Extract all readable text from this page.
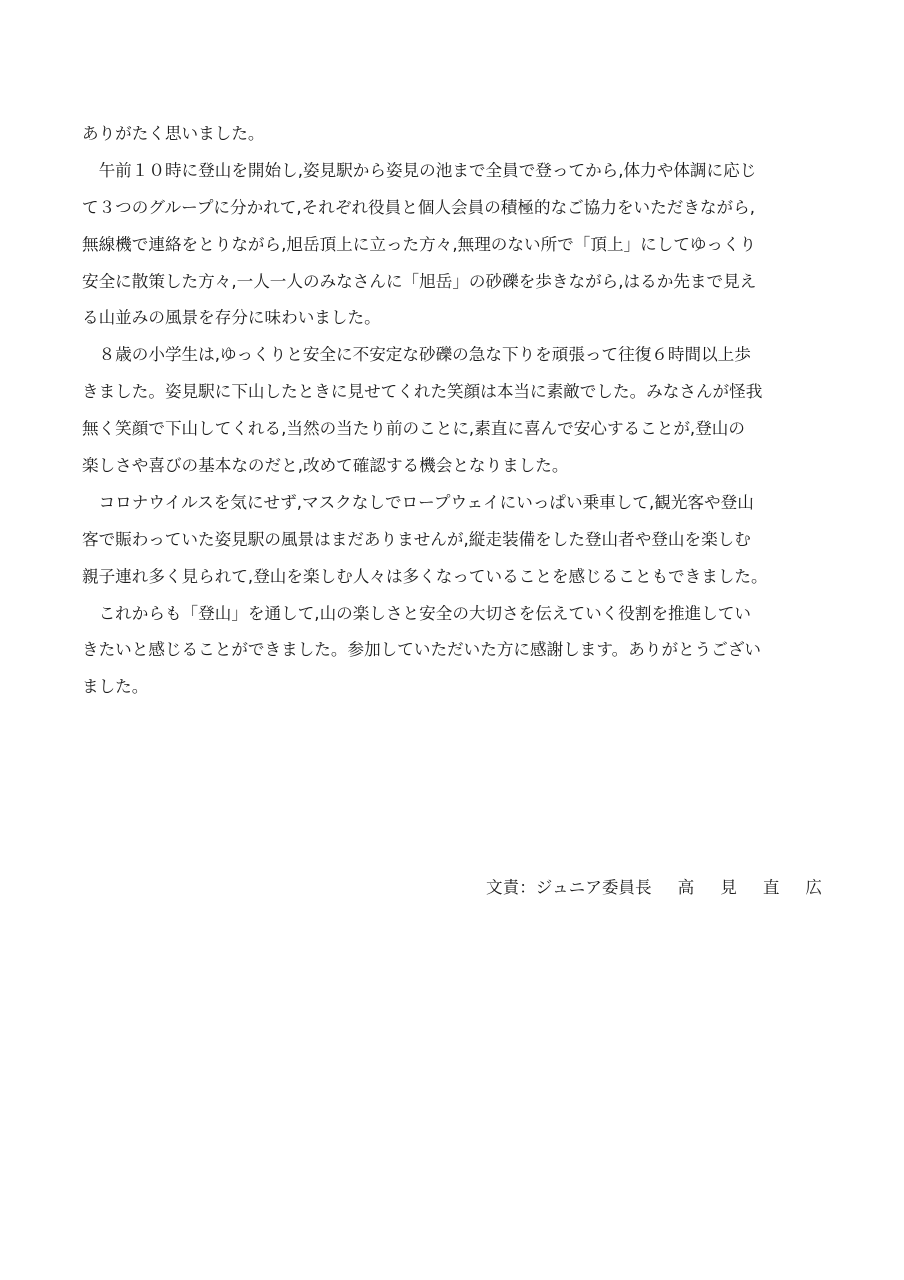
ありがたく思いました。
　午前１０時に登山を開始し,姿見駅から姿見の池まで全員で登ってから,体力や体調に応じ
て３つのグループに分かれて,それぞれ役員と個人会員の積極的なご協力をいただきながら,
無線機で連絡をとりながら,旭岳頂上に立った方々,無理のない所で「頂上」にしてゆっくり
安全に散策した方々,一人一人のみなさんに「旭岳」の砂礫を歩きながら,はるか先まで見え
る山並みの風景を存分に味わいました。
　８歳の小学生は,ゆっくりと安全に不安定な砂礫の急な下りを頑張って往復６時間以上歩
きました。姿見駅に下山したときに見せてくれた笑顔は本当に素敵でした。みなさんが怪我
無く笑顔で下山してくれる,当然の当たり前のことに,素直に喜んで安心することが,登山の
楽しさや喜びの基本なのだと,改めて確認する機会となりました。
　コロナウイルスを気にせず,マスクなしでロープウェイにいっぱい乗車して,観光客や登山
客で賑わっていた姿見駅の風景はまだありませんが,縦走装備をした登山者や登山を楽しむ
親子連れ多く見られて,登山を楽しむ人々は多くなっていることを感じることもできました。
　これからも「登山」を通して,山の楽しさと安全の大切さを伝えていく役割を推進してい
きたいと感じることができました。参加していただいた方に感謝します。ありがとうござい
ました。
文責：ジュニア委員長 高 見 直 広
